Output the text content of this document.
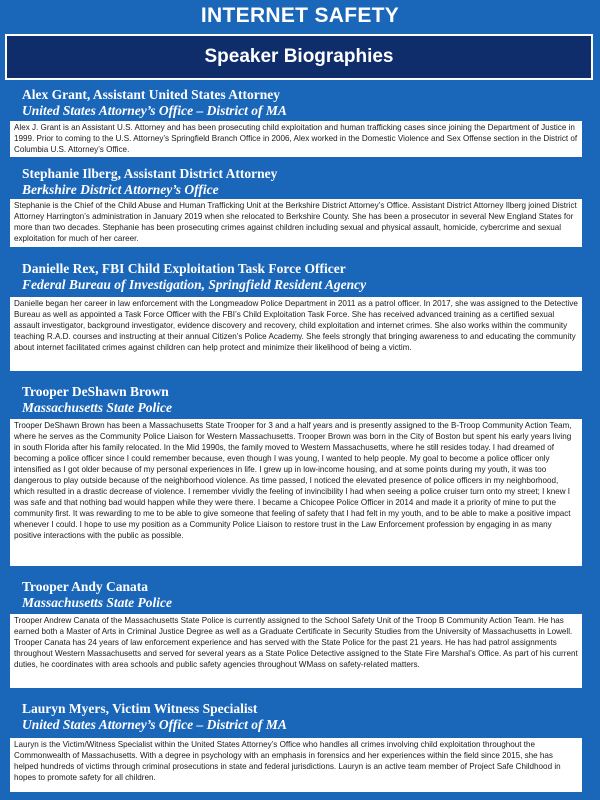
INTERNET SAFETY
Speaker Biographies
Alex Grant, Assistant United States Attorney
United States Attorney’s Office – District of MA
Alex J. Grant is an Assistant U.S. Attorney and has been prosecuting child exploitation and human trafficking cases since joining the Department of Justice in 1999. Prior to coming to the U.S. Attorney’s Springfield Branch Office in 2006, Alex worked in the Domestic Violence and Sex Offense section in the District of Columbia U.S. Attorney’s Office.
Stephanie Ilberg, Assistant District Attorney
Berkshire District Attorney’s Office
Stephanie is the Chief of the Child Abuse and Human Trafficking Unit at the Berkshire District Attorney’s Office. Assistant District Attorney Ilberg joined District Attorney Harrington’s administration in January 2019 when she relocated to Berkshire County. She has been a prosecutor in several New England States for more than two decades. Stephanie has been prosecuting crimes against children including sexual and physical assault, homicide, cybercrime and sexual exploitation for much of her career.
Danielle Rex, FBI Child Exploitation Task Force Officer
Federal Bureau of Investigation, Springfield Resident Agency
Danielle began her career in law enforcement with the Longmeadow Police Department in 2011 as a patrol officer. In 2017, she was assigned to the Detective Bureau as well as appointed a Task Force Officer with the FBI’s Child Exploitation Task Force. She has received advanced training as a certified sexual assault investigator, background investigator, evidence discovery and recovery, child exploitation and internet crimes. She also works within the community teaching R.A.D. courses and instructing at their annual Citizen’s Police Academy. She feels strongly that bringing awareness to and educating the community about internet facilitated crimes against children can help protect and minimize their likelihood of being a victim.
Trooper DeShawn Brown
Massachusetts State Police
Trooper DeShawn Brown has been a Massachusetts State Trooper for 3 and a half years and is presently assigned to the B-Troop Community Action Team, where he serves as the Community Police Liaison for Western Massachusetts. Trooper Brown was born in the City of Boston but spent his early years living in south Florida after his family relocated. In the Mid 1990s, the family moved to Western Massachusetts, where he still resides today. I had dreamed of becoming a police officer since I could remember because, even though I was young, I wanted to help people. My goal to become a police officer only intensified as I got older because of my personal experiences in life. I grew up in low-income housing, and at some points during my youth, it was too dangerous to play outside because of the neighborhood violence. As time passed, I noticed the elevated presence of police officers in my neighborhood, which resulted in a drastic decrease of violence. I remember vividly the feeling of invincibility I had when seeing a police cruiser turn onto my street; I knew I was safe and that nothing bad would happen while they were there. I became a Chicopee Police Officer in 2014 and made it a priority of mine to put the community first. It was rewarding to me to be able to give someone that feeling of safety that I had felt in my youth, and to be able to make a positive impact whenever I could. I hope to use my position as a Community Police Liaison to restore trust in the Law Enforcement profession by engaging in as many positive interactions with the public as possible.
Trooper Andy Canata
Massachusetts State Police
Trooper Andrew Canata of the Massachusetts State Police is currently assigned to the School Safety Unit of the Troop B Community Action Team. He has earned both a Master of Arts in Criminal Justice Degree as well as a Graduate Certificate in Security Studies from the University of Massachusetts in Lowell. Trooper Canata has 24 years of law enforcement experience and has served with the State Police for the past 21 years. He has had patrol assignments throughout Western Massachusetts and served for several years as a State Police Detective assigned to the State Fire Marshal’s Office. As part of his current duties, he coordinates with area schools and public safety agencies throughout WMass on safety-related matters.
Lauryn Myers, Victim Witness Specialist
United States Attorney’s Office – District of MA
Lauryn is the Victim/Witness Specialist within the United States Attorney’s Office who handles all crimes involving child exploitation throughout the Commonwealth of Massachusetts. With a degree in psychology with an emphasis in forensics and her experiences within the field since 2015, she has helped hundreds of victims through criminal prosecutions in state and federal jurisdictions. Lauryn is an active team member of Project Safe Childhood in hopes to promote safety for all children.
